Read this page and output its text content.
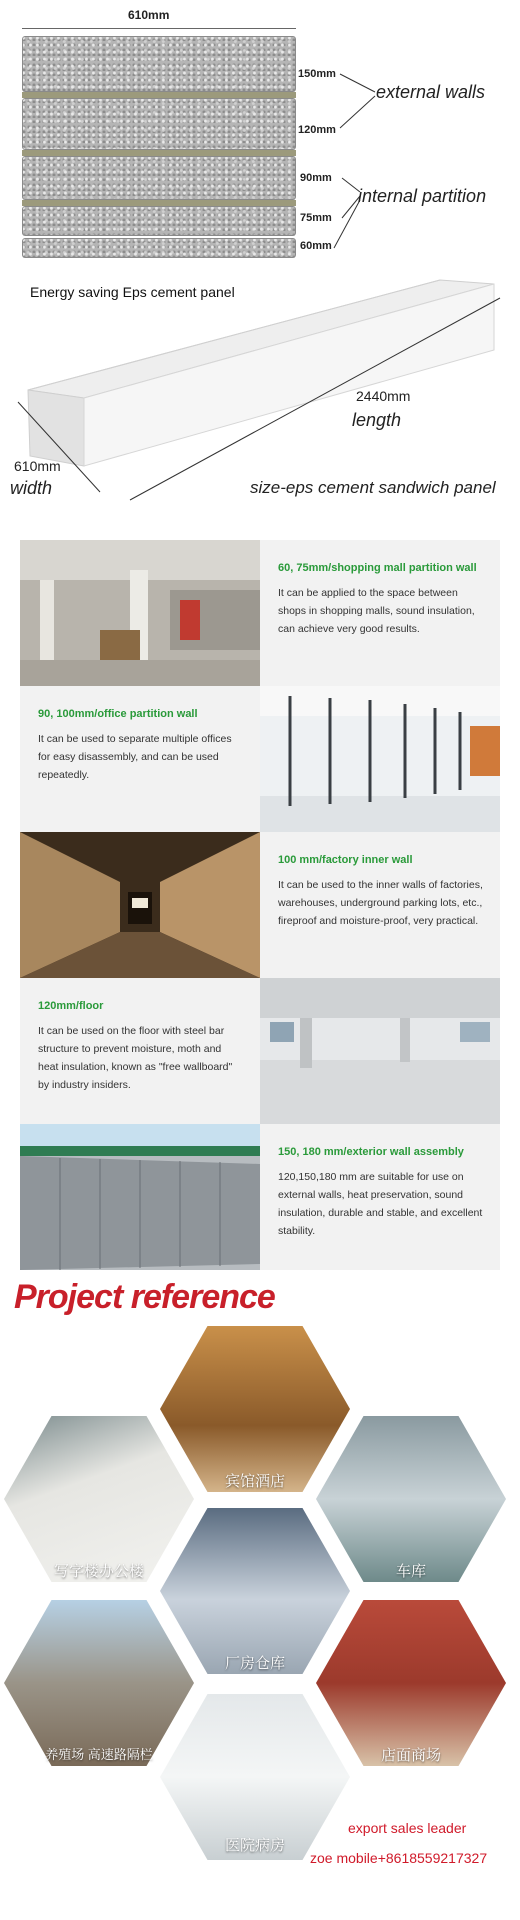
610mm
150mm
120mm
90mm
75mm
60mm
external walls
internal partition
Energy saving Eps cement panel
2440mm
length
610mm
width	size-eps cement sandwich panel
60, 75mm/shopping mall partition wall
It can be applied to the space between shops in shopping malls, sound insulation, can achieve very good results.
90, 100mm/office partition wall
It can be used to separate multiple offices for easy disassembly, and can be used repeatedly.
100 mm/factory inner wall
It can be used to the inner walls of factories, warehouses, underground parking lots, etc., fireproof and moisture-proof, very practical.
120mm/floor
It can be used on the floor with steel bar structure to prevent moisture, moth and heat insulation, known as "free wallboard" by industry insiders.
150, 180 mm/exterior wall assembly
120,150,180 mm are suitable for use on external walls, heat preservation, sound insulation, durable and stable, and excellent stability.
Project reference
宾馆酒店
写字楼办公楼	车库
厂房仓库
养殖场 高速路隔栏	店面商场
医院病房
export sales leader
zoe mobile+8618559217327
